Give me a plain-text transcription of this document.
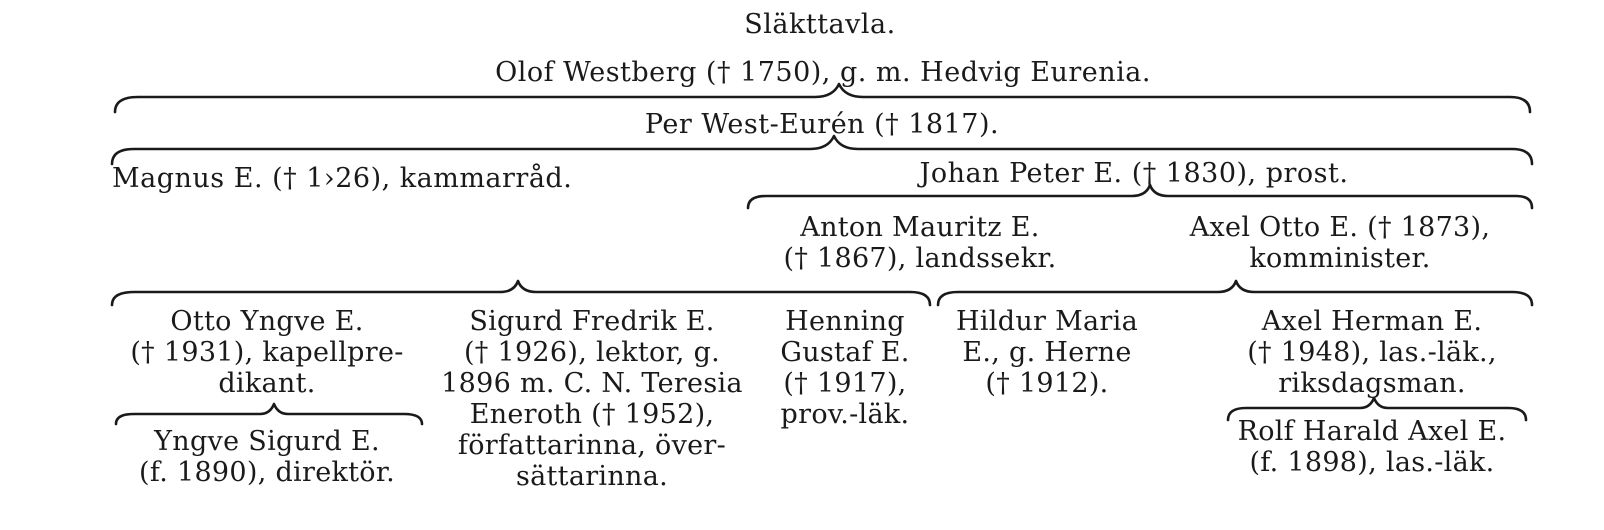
Släkttavla.
Olof Westberg († 1750), g. m. Hedvig Eurenia.
Per West-Eurén († 1817).
Magnus E. († 1›26), kammarråd.	Johan Peter E. († 1830), prost.
Anton Mauritz E.
(† 1867), landssekr.
Axel Otto E. († 1873),
komminister.
Otto Yngve E.
(† 1931), kapellpre-
dikant.
Sigurd Fredrik E.
(† 1926), lektor, g.
1896 m. C. N. Teresia
Eneroth († 1952),
författarinna, över-
sättarinna.
Henning
Gustaf E.
(† 1917),
prov.-läk.
Hildur Maria
E., g. Herne
(† 1912).
Axel Herman E.
(† 1948), las.-läk.,
riksdagsman.
Yngve Sigurd E.
(f. 1890), direktör.
Rolf Harald Axel E.
(f. 1898), las.-läk.
